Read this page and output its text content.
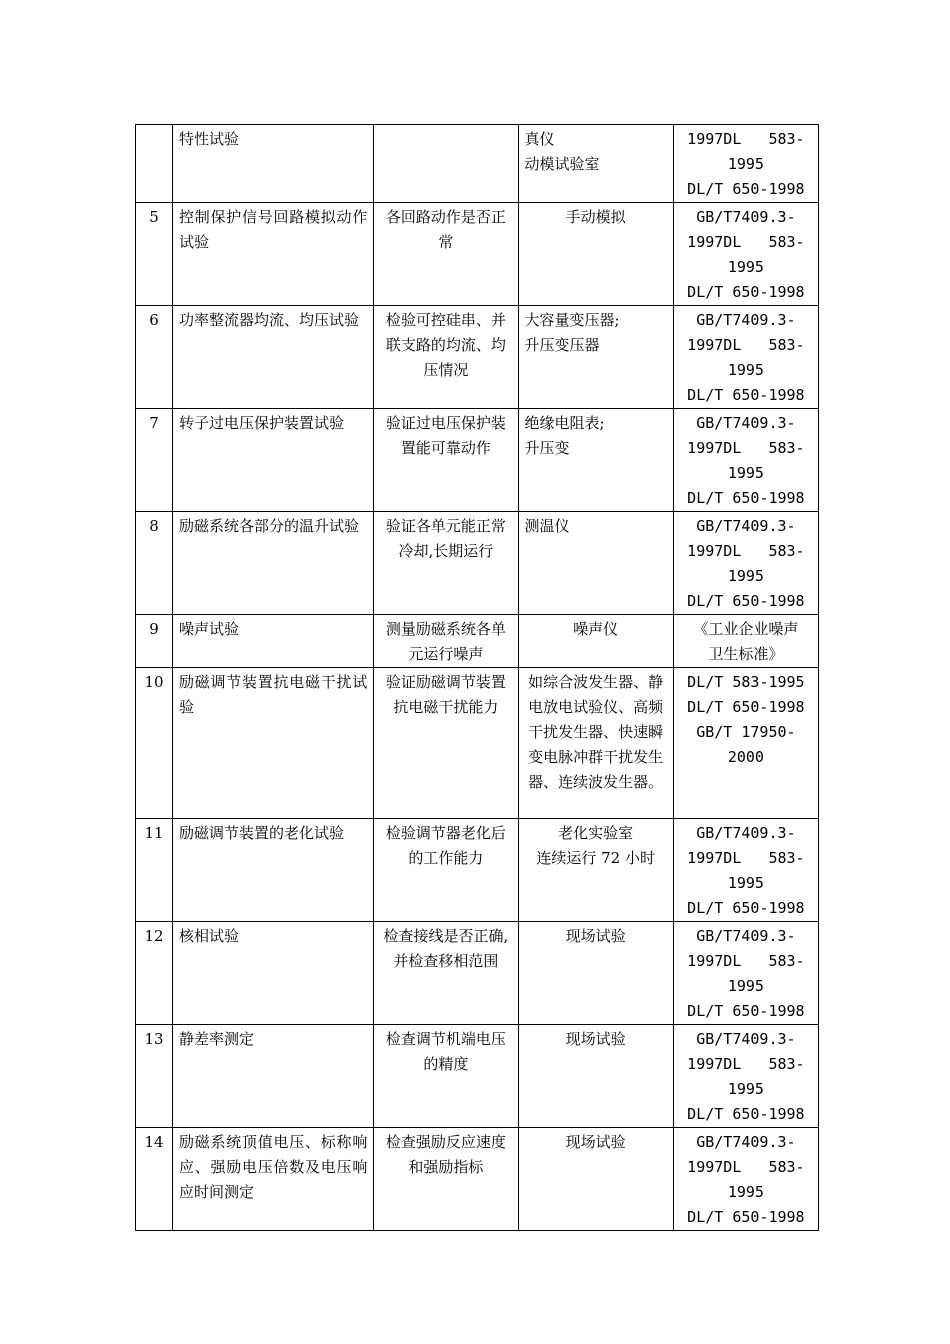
	特性试验		真仪
动模试验室	1997DL   583-
1995
DL/T 650-1998

5	控制保护信号回路模拟动作试验	各回路动作是否正常	手动模拟	GB/T7409.3-
1997DL   583-
1995
DL/T 650-1998

6	功率整流器均流、均压试验	检验可控硅串、并联支路的均流、均压情况	大容量变压器;
升压变压器	GB/T7409.3-
1997DL   583-
1995
DL/T 650-1998

7	转子过电压保护装置试验	验证过电压保护装置能可靠动作	绝缘电阻表;
升压变	GB/T7409.3-
1997DL   583-
1995
DL/T 650-1998

8	励磁系统各部分的温升试验	验证各单元能正常冷却,长期运行	测温仪	GB/T7409.3-
1997DL   583-
1995
DL/T 650-1998

9	噪声试验	测量励磁系统各单元运行噪声	噪声仪	《工业企业噪声
卫生标准》

10	励磁调节装置抗电磁干扰试验	验证励磁调节装置抗电磁干扰能力	如综合波发生器、静电放电试验仪、高频干扰发生器、快速瞬变电脉冲群干扰发生器、连续波发生器。	DL/T 583-1995
DL/T 650-1998
GB/T 17950-2000

11	励磁调节装置的老化试验	检验调节器老化后的工作能力	老化实验室
连续运行 72 小时	GB/T7409.3-
1997DL   583-
1995
DL/T 650-1998

12	核相试验	检查接线是否正确,并检查移相范围	现场试验	GB/T7409.3-
1997DL   583-
1995
DL/T 650-1998

13	静差率测定	检查调节机端电压的精度	现场试验	GB/T7409.3-
1997DL   583-
1995
DL/T 650-1998

14	励磁系统顶值电压、标称响应、强励电压倍数及电压响应时间测定	检查强励反应速度和强励指标	现场试验	GB/T7409.3-
1997DL   583-
1995
DL/T 650-1998
